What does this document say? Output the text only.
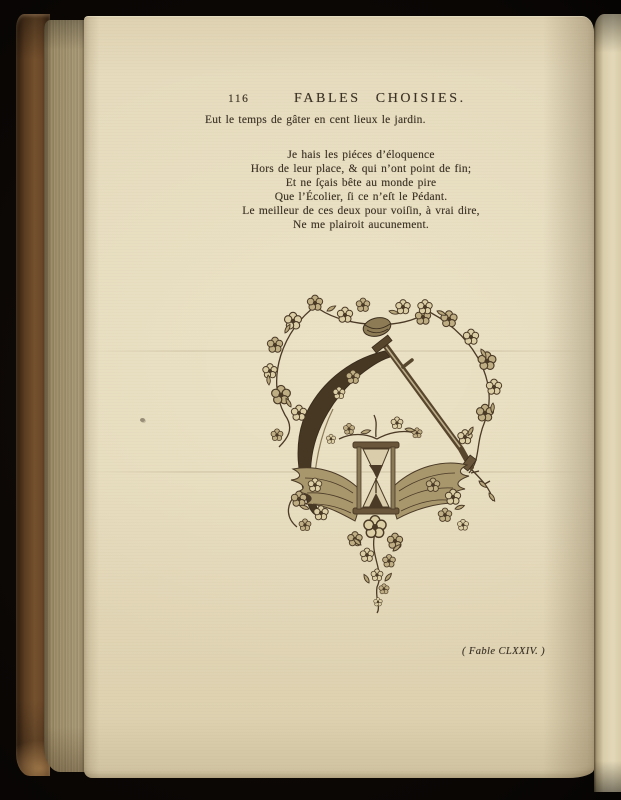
116	FABLES CHOISIES.
Eut le temps de gâter en cent lieux le jardin.
Je hais les piéces d’éloquence
Hors de leur place, & qui n’ont point de fin;
Et ne ſçais bête au monde pire
Que l’Écolier, ſi ce n’eſt le Pédant.
Le meilleur de ces deux pour voiſin, à vrai dire,
Ne me plairoit aucunement.
( Fable CLXXIV. )
